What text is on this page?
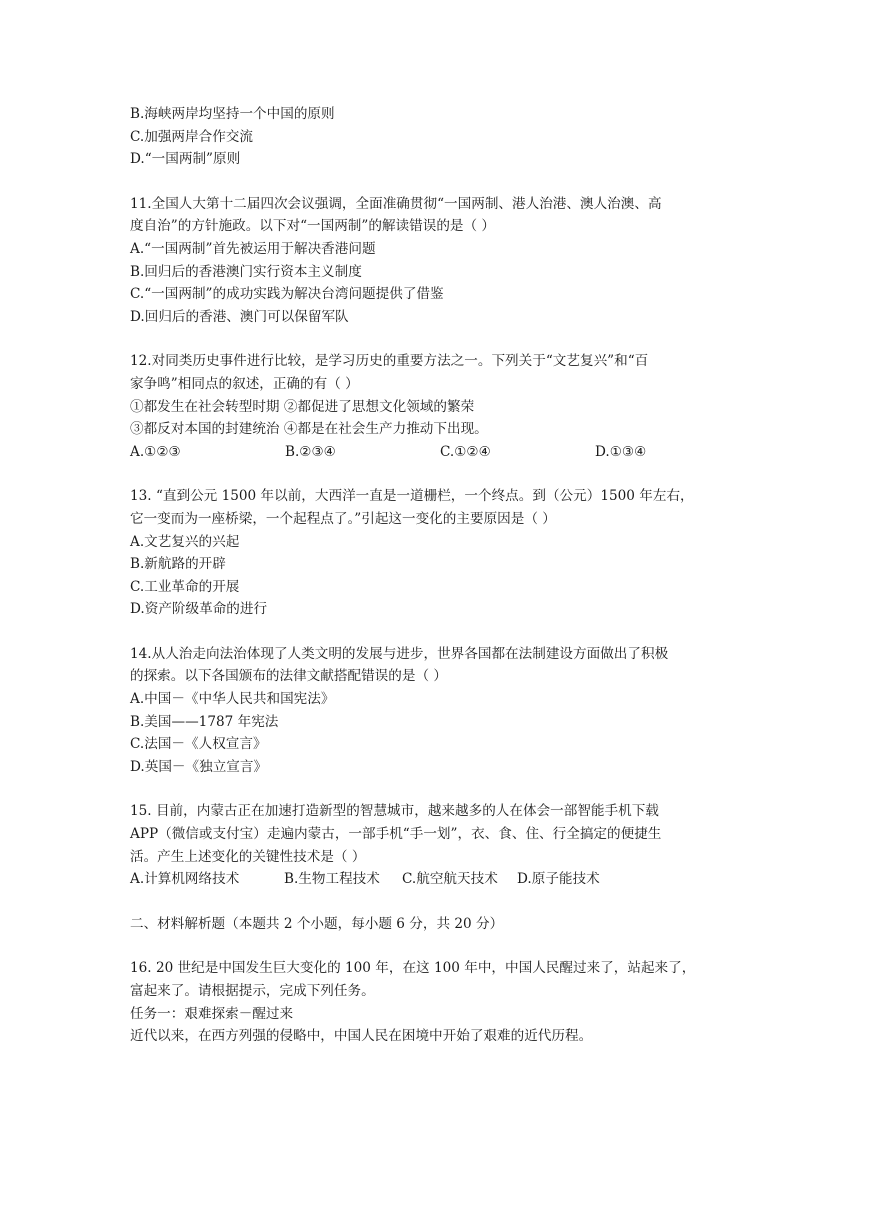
B.海峡两岸均坚持一个中国的原则
C.加强两岸合作交流
D.“一国两制”原则
11.全国人大第十二届四次会议强调，全面准确贯彻“一国两制、港人治港、澳人治澳、高
度自治”的方针施政。以下对“一国两制”的解读错误的是（ ）
A.“一国两制”首先被运用于解决香港问题
B.回归后的香港澳门实行资本主义制度
C.“一国两制”的成功实践为解决台湾问题提供了借鉴
D.回归后的香港、澳门可以保留军队
12.对同类历史事件进行比较，是学习历史的重要方法之一。下列关于“文艺复兴”和“百
家争鸣”相同点的叙述，正确的有（ ）
①都发生在社会转型时期 ②都促进了思想文化领域的繁荣
③都反对本国的封建统治 ④都是在社会生产力推动下出现。
A.①②③	B.②③④	C.①②④	D.①③④
13. “直到公元 1500 年以前，大西洋一直是一道栅栏，一个终点。到（公元）1500 年左右，
它一变而为一座桥梁，一个起程点了。”引起这一变化的主要原因是（ ）
A.文艺复兴的兴起
B.新航路的开辟
C.工业革命的开展
D.资产阶级革命的进行
14.从人治走向法治体现了人类文明的发展与进步，世界各国都在法制建设方面做出了积极
的探索。以下各国颁布的法律文献搭配错误的是（ ）
A.中国－《中华人民共和国宪法》
B.美国——1787 年宪法
C.法国－《人权宣言》
D.英国－《独立宣言》
15. 目前，内蒙古正在加速打造新型的智慧城市，越来越多的人在体会一部智能手机下载
APP（微信或支付宝）走遍内蒙古，一部手机“手一划”，衣、食、住、行全搞定的便捷生
活。产生上述变化的关键性技术是（ ）
A.计算机网络技术	B.生物工程技术	C.航空航天技术	D.原子能技术
二、材料解析题（本题共 2 个小题，每小题 6 分，共 20 分）
16. 20 世纪是中国发生巨大变化的 100 年，在这 100 年中，中国人民醒过来了，站起来了，
富起来了。请根据提示，完成下列任务。
任务一：艰难探索－醒过来
近代以来，在西方列强的侵略中，中国人民在困境中开始了艰难的近代历程。
